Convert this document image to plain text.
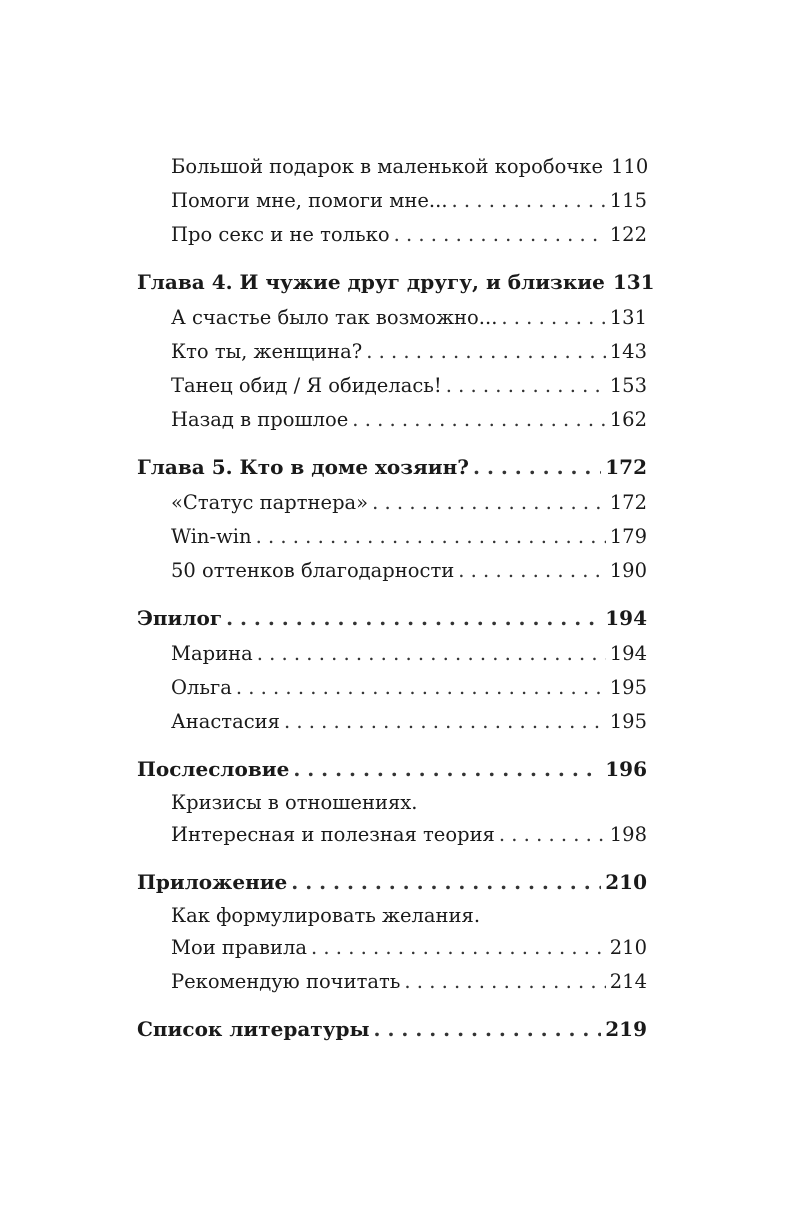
Большой подарок в маленькой коробочке 110
Помоги мне, помоги мне... . . .	115
Про секс и не только . . .	122
Глава 4. И чужие друг другу, и близкие 131
А счастье было так возможно... . . .	131
Кто ты, женщина? . . .	143
Танец обид / Я обиделась! . . .	153
Назад в прошлое . . .	162
Глава 5. Кто в доме хозяин? . . .	172
«Статус партнера» . . .	172
Win-win . . .	179
50 оттенков благодарности . . .	190
Эпилог . . .	194
Марина . . .	194
Ольга . . .	195
Анастасия . . .	195
Послесловие . . .	196
Кризисы в отношениях.
Интересная и полезная теория . . .	198
Приложение . . .	210
Как формулировать желания.
Мои правила . . .	210
Рекомендую почитать . . .	214
Список литературы . . .	219
